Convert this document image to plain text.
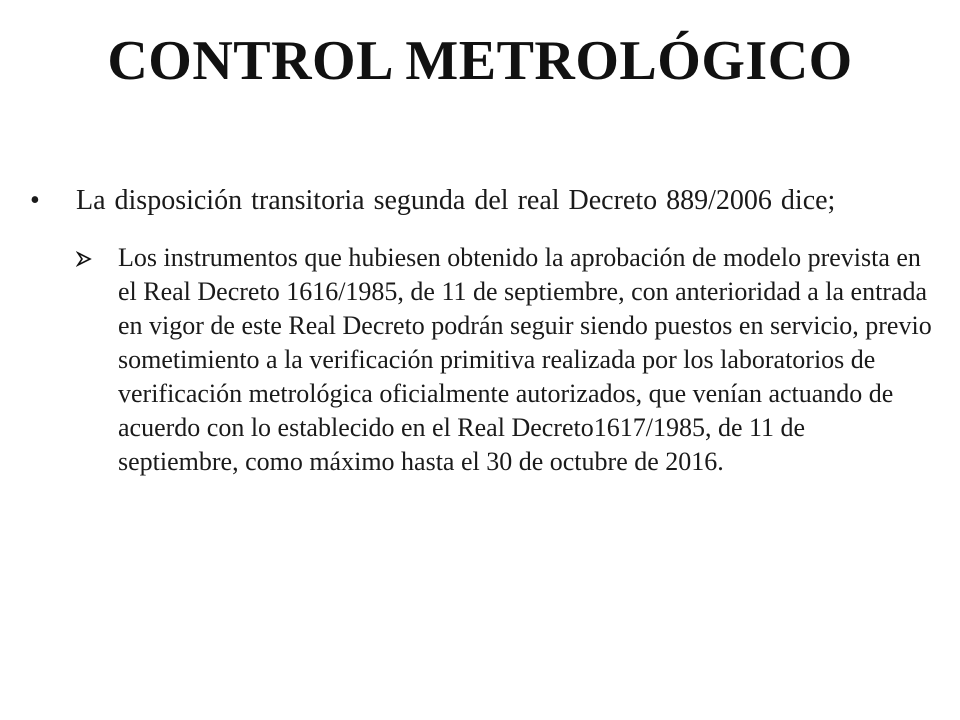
CONTROL METROLÓGICO
•	La disposición transitoria segunda del real Decreto 889/2006 dice;
Los instrumentos que hubiesen obtenido la aprobación de modelo prevista en el Real Decreto 1616/1985, de 11 de septiembre, con anterioridad a la entrada en vigor de este Real Decreto podrán seguir siendo puestos en servicio, previo sometimiento a la verificación primitiva realizada por los laboratorios de verificación metrológica oficialmente autorizados, que venían actuando de acuerdo con lo establecido en el Real Decreto1617/1985, de 11 de septiembre, como máximo hasta el 30 de octubre de 2016.
